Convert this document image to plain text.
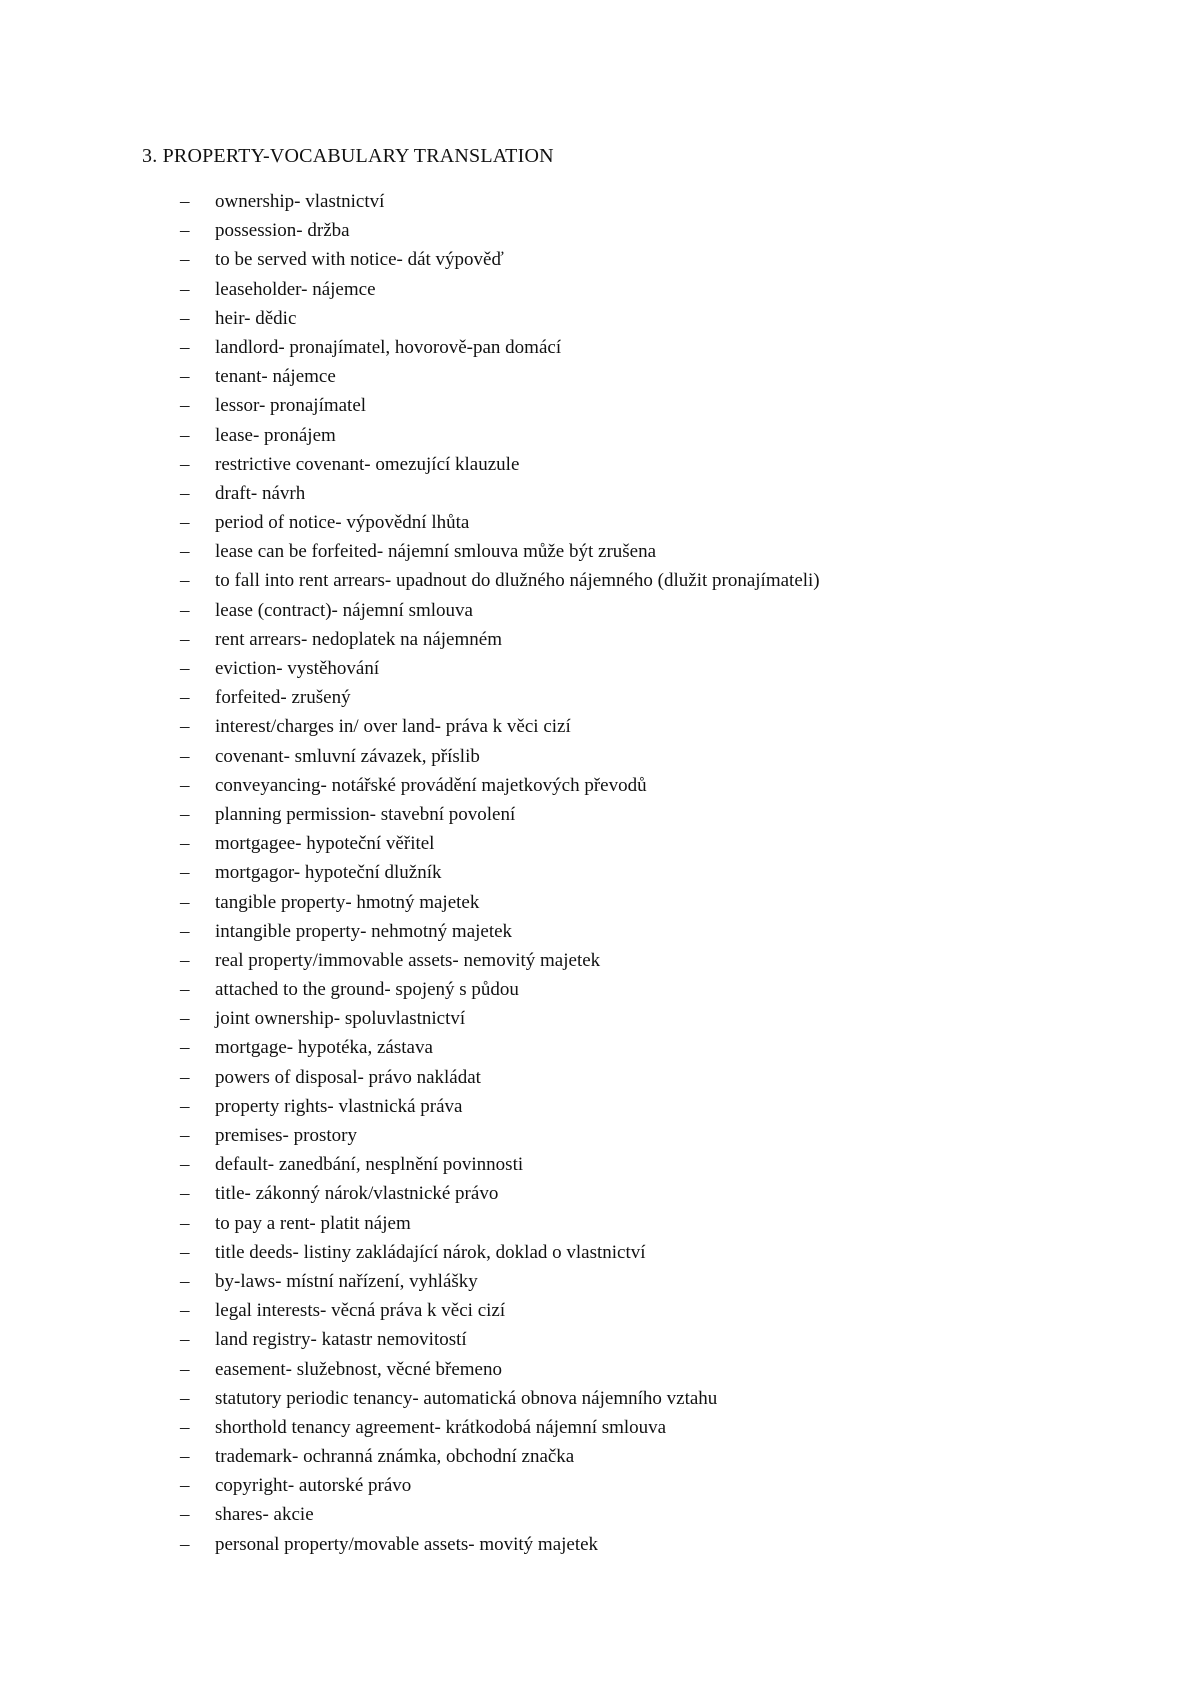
3. PROPERTY-VOCABULARY TRANSLATION
–	ownership- vlastnictví
–	possession- držba
–	to be served with notice- dát výpověď
–	leaseholder- nájemce
–	heir- dědic
–	landlord- pronajímatel, hovorově-pan domácí
–	tenant- nájemce
–	lessor- pronajímatel
–	lease- pronájem
–	restrictive covenant- omezující klauzule
–	draft- návrh
–	period of notice- výpovědní lhůta
–	lease can be forfeited- nájemní smlouva může být zrušena
–	to fall into rent arrears- upadnout do dlužného nájemného (dlužit pronajímateli)
–	lease (contract)- nájemní smlouva
–	rent arrears- nedoplatek na nájemném
–	eviction- vystěhování
–	forfeited- zrušený
–	interest/charges in/ over land- práva k věci cizí
–	covenant- smluvní závazek, příslib
–	conveyancing- notářské provádění majetkových převodů
–	planning permission- stavební povolení
–	mortgagee- hypoteční věřitel
–	mortgagor- hypoteční dlužník
–	tangible property- hmotný majetek
–	intangible property- nehmotný majetek
–	real property/immovable assets- nemovitý majetek
–	attached to the ground- spojený s půdou
–	joint ownership- spoluvlastnictví
–	mortgage- hypotéka, zástava
–	powers of disposal- právo nakládat
–	property rights- vlastnická práva
–	premises- prostory
–	default- zanedbání, nesplnění povinnosti
–	title- zákonný nárok/vlastnické právo
–	to pay a rent- platit nájem
–	title deeds- listiny zakládající nárok, doklad o vlastnictví
–	by-laws- místní nařízení, vyhlášky
–	legal interests- věcná práva k věci cizí
–	land registry- katastr nemovitostí
–	easement- služebnost, věcné břemeno
–	statutory periodic tenancy- automatická obnova nájemního vztahu
–	shorthold tenancy agreement- krátkodobá nájemní smlouva
–	trademark- ochranná známka, obchodní značka
–	copyright- autorské právo
–	shares- akcie
–	personal property/movable assets- movitý majetek
